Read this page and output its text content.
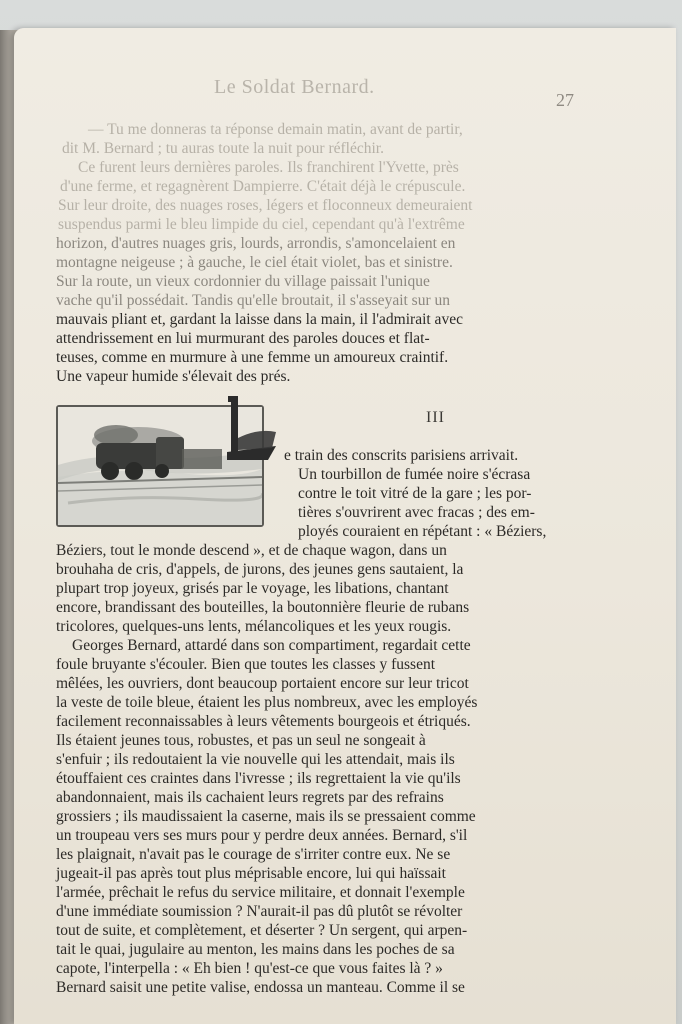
Le Soldat Bernard.
27
— Tu me donneras ta réponse demain matin, avant de partir,
dit M. Bernard ; tu auras toute la nuit pour réfléchir.
Ce furent leurs dernières paroles. Ils franchirent l'Yvette, près
d'une ferme, et regagnèrent Dampierre. C'était déjà le crépuscule.
Sur leur droite, des nuages roses, légers et floconneux demeuraient
suspendus parmi le bleu limpide du ciel, cependant qu'à l'extrême
horizon, d'autres nuages gris, lourds, arrondis, s'amoncelaient en
montagne neigeuse ; à gauche, le ciel était violet, bas et sinistre.
Sur la route, un vieux cordonnier du village paissait l'unique
vache qu'il possédait. Tandis qu'elle broutait, il s'asseyait sur un
mauvais pliant et, gardant la laisse dans la main, il l'admirait avec
attendrissement en lui murmurant des paroles douces et flat-
teuses, comme en murmure à une femme un amoureux craintif.
Une vapeur humide s'élevait des prés.
III
e train des conscrits parisiens arrivait.
Un tourbillon de fumée noire s'écrasa
contre le toit vitré de la gare ; les por-
tières s'ouvrirent avec fracas ; des em-
ployés couraient en répétant : « Béziers,
Béziers, tout le monde descend », et de chaque wagon, dans un
brouhaha de cris, d'appels, de jurons, des jeunes gens sautaient, la
plupart trop joyeux, grisés par le voyage, les libations, chantant
encore, brandissant des bouteilles, la boutonnière fleurie de rubans
tricolores, quelques-uns lents, mélancoliques et les yeux rougis.
Georges Bernard, attardé dans son compartiment, regardait cette
foule bruyante s'écouler. Bien que toutes les classes y fussent
mêlées, les ouvriers, dont beaucoup portaient encore sur leur tricot
la veste de toile bleue, étaient les plus nombreux, avec les employés
facilement reconnaissables à leurs vêtements bourgeois et étriqués.
Ils étaient jeunes tous, robustes, et pas un seul ne songeait à
s'enfuir ; ils redoutaient la vie nouvelle qui les attendait, mais ils
étouffaient ces craintes dans l'ivresse ; ils regrettaient la vie qu'ils
abandonnaient, mais ils cachaient leurs regrets par des refrains
grossiers ; ils maudissaient la caserne, mais ils se pressaient comme
un troupeau vers ses murs pour y perdre deux années. Bernard, s'il
les plaignait, n'avait pas le courage de s'irriter contre eux. Ne se
jugeait-il pas après tout plus méprisable encore, lui qui haïssait
l'armée, prêchait le refus du service militaire, et donnait l'exemple
d'une immédiate soumission ? N'aurait-il pas dû plutôt se révolter
tout de suite, et complètement, et déserter ? Un sergent, qui arpen-
tait le quai, jugulaire au menton, les mains dans les poches de sa
capote, l'interpella : « Eh bien ! qu'est-ce que vous faites là ? »
Bernard saisit une petite valise, endossa un manteau. Comme il se
